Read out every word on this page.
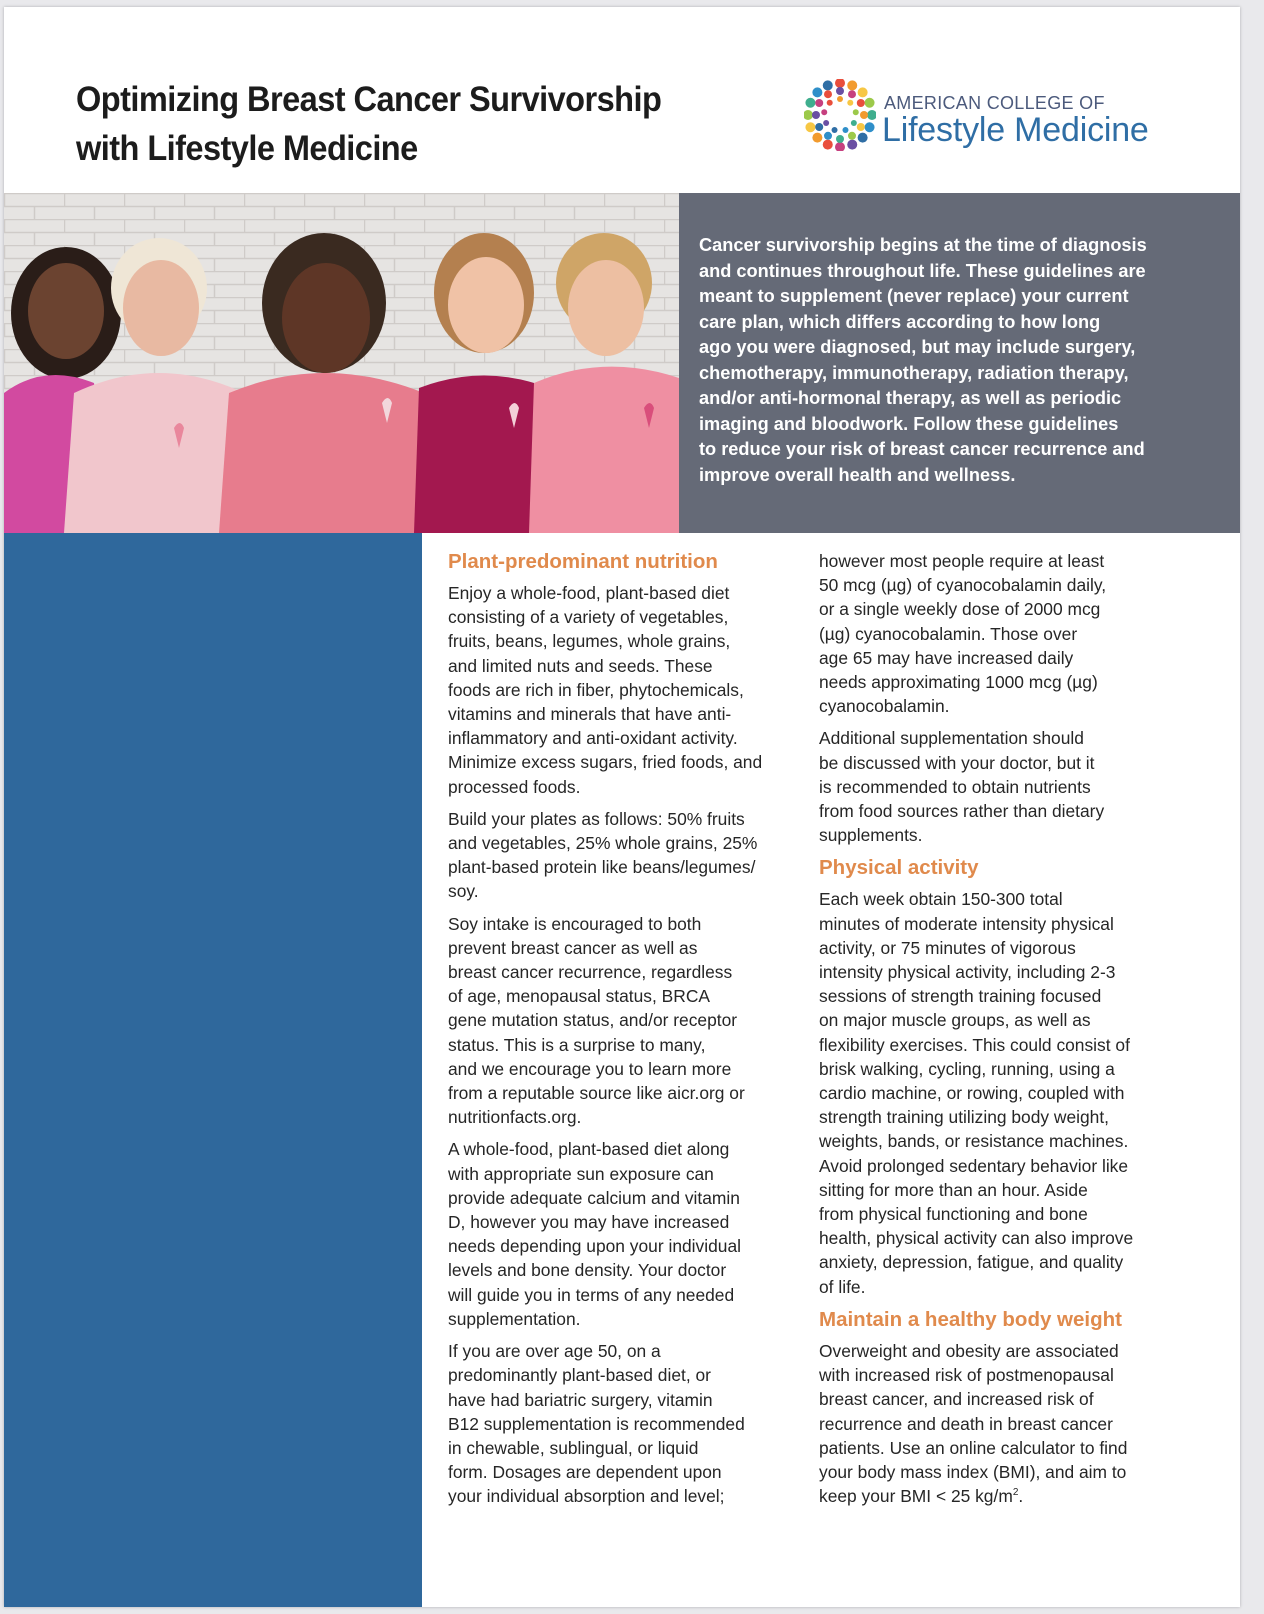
Optimizing Breast Cancer Survivorship
with Lifestyle Medicine
AMERICAN COLLEGE OF
Lifestyle Medicine
Cancer survivorship begins at the time of diagnosis
and continues throughout life. These guidelines are
meant to supplement (never replace) your current
care plan, which differs according to how long
ago you were diagnosed, but may include surgery,
chemotherapy, immunotherapy, radiation therapy,
and/or anti-hormonal therapy, as well as periodic
imaging and bloodwork. Follow these guidelines
to reduce your risk of breast cancer recurrence and
improve overall health and wellness.
Plant-predominant nutrition

Enjoy a whole-food, plant-based diet
consisting of a variety of vegetables,
fruits, beans, legumes, whole grains,
and limited nuts and seeds. These
foods are rich in fiber, phytochemicals,
vitamins and minerals that have anti-
inflammatory and anti-oxidant activity.
Minimize excess sugars, fried foods, and
processed foods.

Build your plates as follows: 50% fruits
and vegetables, 25% whole grains, 25%
plant-based protein like beans/legumes/
soy.

Soy intake is encouraged to both
prevent breast cancer as well as
breast cancer recurrence, regardless
of age, menopausal status, BRCA
gene mutation status, and/or receptor
status. This is a surprise to many,
and we encourage you to learn more
from a reputable source like aicr.org or
nutritionfacts.org.

A whole-food, plant-based diet along
with appropriate sun exposure can
provide adequate calcium and vitamin
D, however you may have increased
needs depending upon your individual
levels and bone density. Your doctor
will guide you in terms of any needed
supplementation.

If you are over age 50, on a
predominantly plant-based diet, or
have had bariatric surgery, vitamin
B12 supplementation is recommended
in chewable, sublingual, or liquid
form. Dosages are dependent upon
your individual absorption and level;

however most people require at least
50 mcg (µg) of cyanocobalamin daily,
or a single weekly dose of 2000 mcg
(µg) cyanocobalamin. Those over
age 65 may have increased daily
needs approximating 1000 mcg (µg)
cyanocobalamin.

Additional supplementation should
be discussed with your doctor, but it
is recommended to obtain nutrients
from food sources rather than dietary
supplements.

Physical activity

Each week obtain 150-300 total
minutes of moderate intensity physical
activity, or 75 minutes of vigorous
intensity physical activity, including 2-3
sessions of strength training focused
on major muscle groups, as well as
flexibility exercises. This could consist of
brisk walking, cycling, running, using a
cardio machine, or rowing, coupled with
strength training utilizing body weight,
weights, bands, or resistance machines.
Avoid prolonged sedentary behavior like
sitting for more than an hour. Aside
from physical functioning and bone
health, physical activity can also improve
anxiety, depression, fatigue, and quality
of life.

Maintain a healthy body weight

Overweight and obesity are associated
with increased risk of postmenopausal
breast cancer, and increased risk of
recurrence and death in breast cancer
patients. Use an online calculator to find
your body mass index (BMI), and aim to
keep your BMI < 25 $kg/m^2$.
